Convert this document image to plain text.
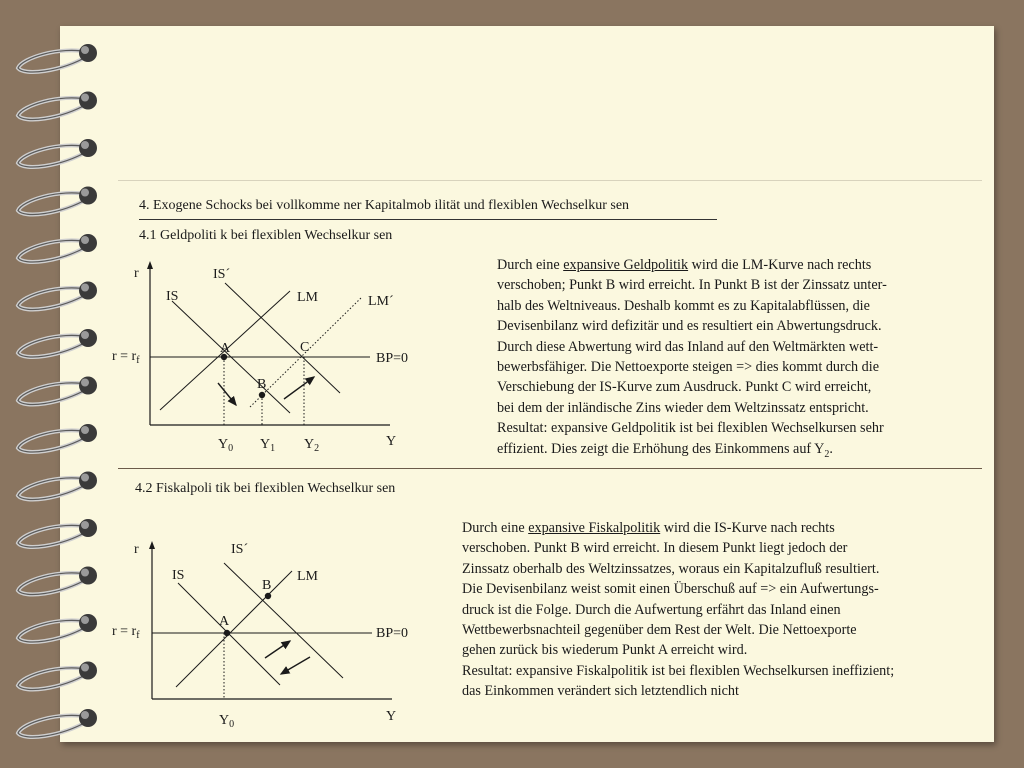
4. Exogene Schocks bei vollkomme ner Kapitalmob ilität und flexiblen Wechselkur sen
4.1 Geldpoliti k bei flexiblen Wechselkur sen
r
Y
BP=0
$r = r_f$
IS
IS´
LM	LM´
A
B
C
$Y_0$ $Y_1$ $Y_2$
Durch eine expansive Geldpolitik wird die LM-Kurve nach rechts
verschoben; Punkt B wird erreicht. In Punkt B ist der Zinssatz unter-
halb des Weltniveaus. Deshalb kommt es zu Kapitalabflüssen, die
Devisenbilanz wird defizitär und es resultiert ein Abwertungsdruck.
Durch diese Abwertung wird das Inland auf den Weltmärkten wett-
bewerbsfähiger. Die Nettoexporte steigen => dies kommt durch die
Verschiebung der IS-Kurve zum Ausdruck. Punkt C wird erreicht,
bei dem der inländische Zins wieder dem Weltzinssatz entspricht.
Resultat: expansive Geldpolitik ist bei flexiblen Wechselkursen sehr
effizient. Dies zeigt die Erhöhung des Einkommens auf $Y_2$.
4.2 Fiskalpoli tik bei flexiblen Wechselkur sen
r
Y
BP=0
$r = r_f$
IS
IS´
LM
A
B
$Y_0$
Durch eine expansive Fiskalpolitik wird die IS-Kurve nach rechts
verschoben. Punkt B wird erreicht. In diesem Punkt liegt jedoch der
Zinssatz oberhalb des Weltzinssatzes, woraus ein Kapitalzufluß resultiert.
Die Devisenbilanz weist somit einen Überschuß auf => ein Aufwertungs-
druck ist die Folge. Durch die Aufwertung erfährt das Inland einen
Wettbewerbsnachteil gegenüber dem Rest der Welt. Die Nettoexporte
gehen zurück bis wiederum Punkt A erreicht wird.
Resultat: expansive Fiskalpolitik ist bei flexiblen Wechselkursen ineffizient;
das Einkommen verändert sich letztendlich nicht
